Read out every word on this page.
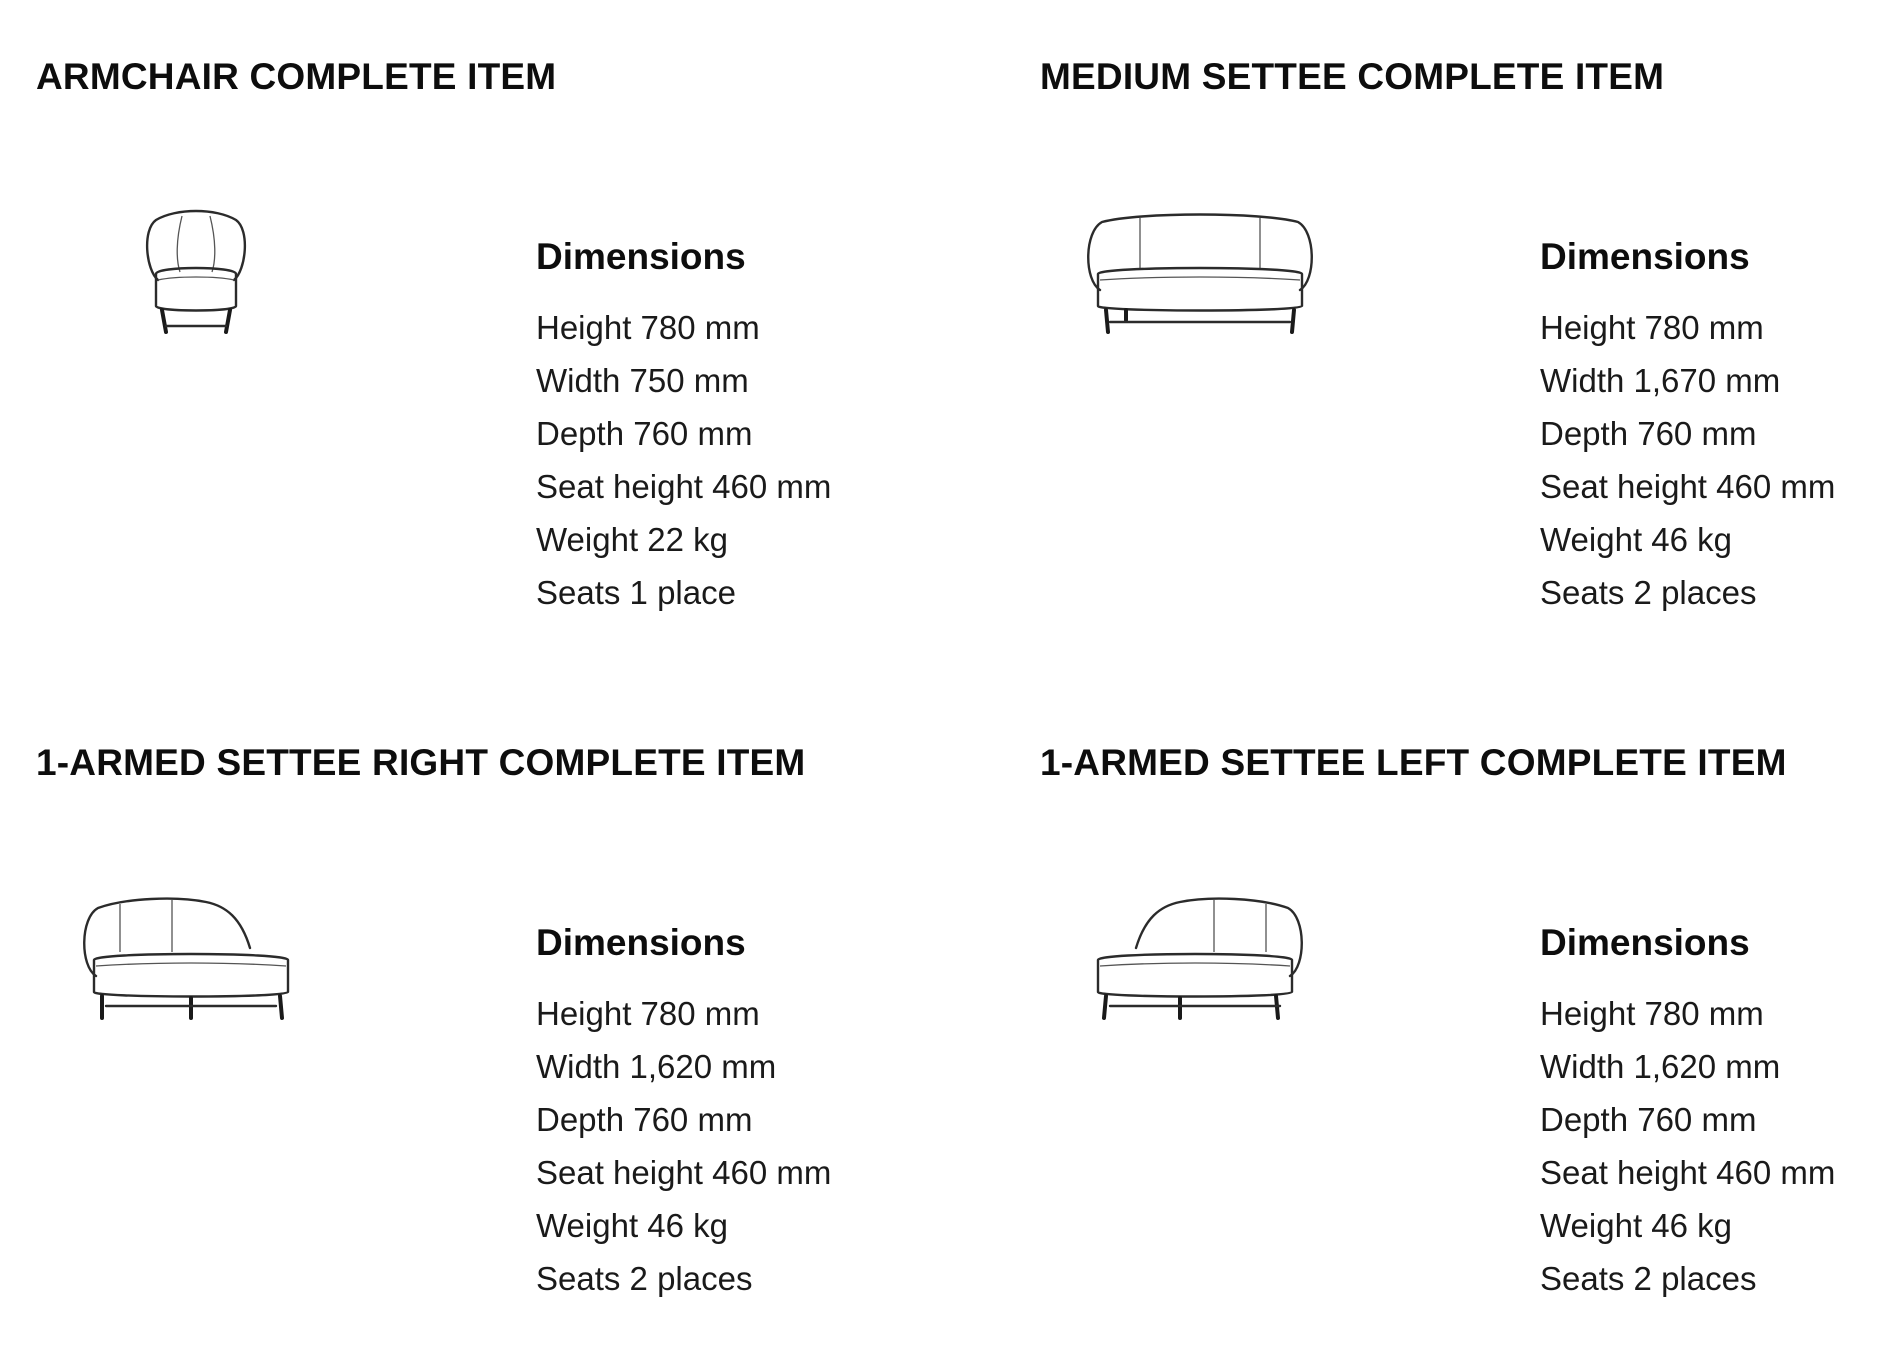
ARMCHAIR COMPLETE ITEM
Dimensions
Height 780 mm
Width 750 mm
Depth 760 mm
Seat height 460 mm
Weight 22 kg
Seats 1 place
MEDIUM SETTEE COMPLETE ITEM
Dimensions
Height 780 mm
Width 1,670 mm
Depth 760 mm
Seat height 460 mm
Weight 46 kg
Seats 2 places
1-ARMED SETTEE RIGHT COMPLETE ITEM
Dimensions
Height 780 mm
Width 1,620 mm
Depth 760 mm
Seat height 460 mm
Weight 46 kg
Seats 2 places
1-ARMED SETTEE LEFT COMPLETE ITEM
Dimensions
Height 780 mm
Width 1,620 mm
Depth 760 mm
Seat height 460 mm
Weight 46 kg
Seats 2 places
